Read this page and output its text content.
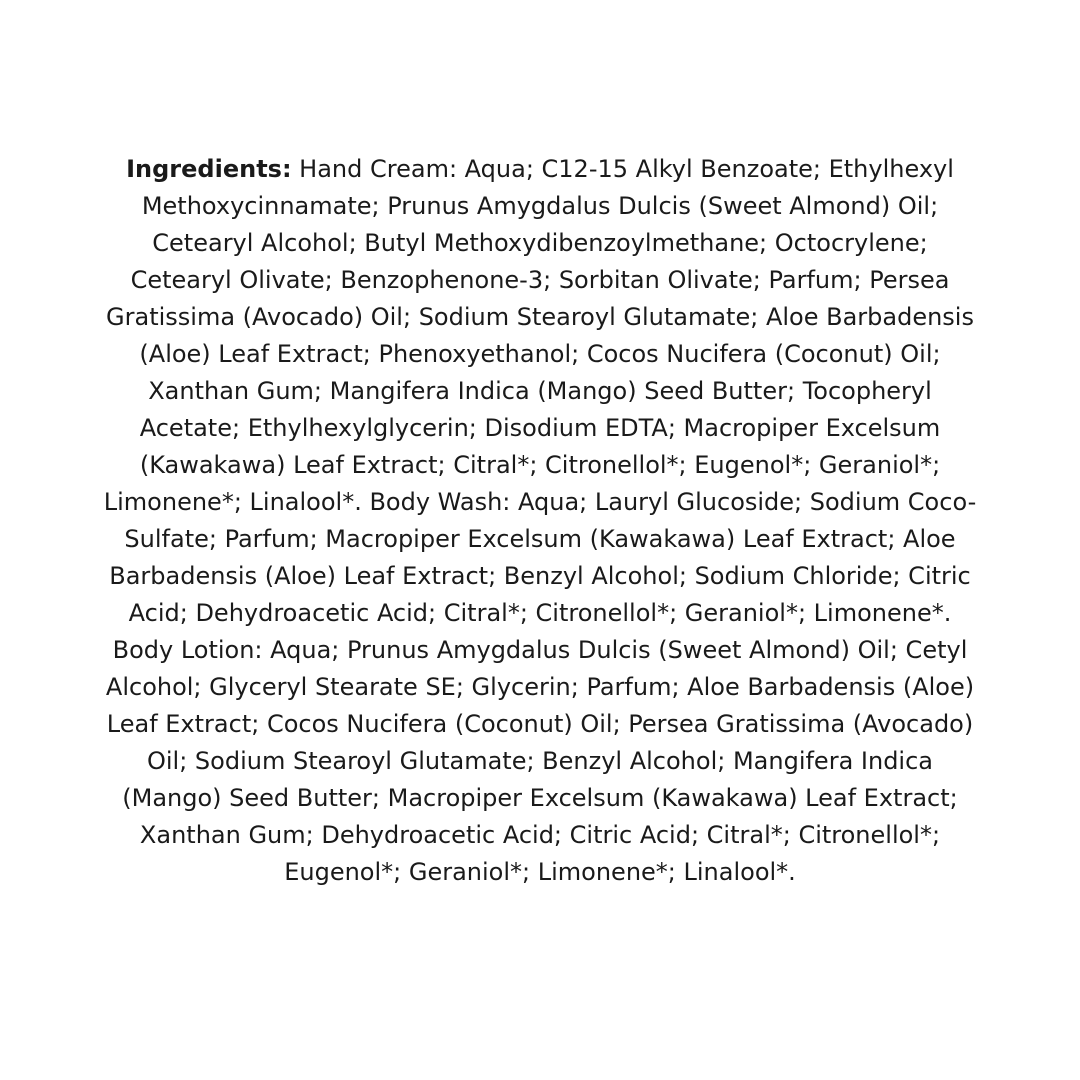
Ingredients: Hand Cream: Aqua; C12-15 Alkyl Benzoate; Ethylhexyl Methoxycinnamate; Prunus Amygdalus Dulcis (Sweet Almond) Oil; Cetearyl Alcohol; Butyl Methoxydibenzoylmethane; Octocrylene; Cetearyl Olivate; Benzophenone-3; Sorbitan Olivate; Parfum; Persea Gratissima (Avocado) Oil; Sodium Stearoyl Glutamate; Aloe Barbadensis (Aloe) Leaf Extract; Phenoxyethanol; Cocos Nucifera (Coconut) Oil; Xanthan Gum; Mangifera Indica (Mango) Seed Butter; Tocopheryl Acetate; Ethylhexylglycerin; Disodium EDTA; Macropiper Excelsum (Kawakawa) Leaf Extract; Citral*; Citronellol*; Eugenol*; Geraniol*; Limonene*; Linalool*. Body Wash: Aqua; Lauryl Glucoside; Sodium Coco-Sulfate; Parfum; Macropiper Excelsum (Kawakawa) Leaf Extract; Aloe Barbadensis (Aloe) Leaf Extract; Benzyl Alcohol; Sodium Chloride; Citric Acid; Dehydroacetic Acid; Citral*; Citronellol*; Geraniol*; Limonene*. Body Lotion: Aqua; Prunus Amygdalus Dulcis (Sweet Almond) Oil; Cetyl Alcohol; Glyceryl Stearate SE; Glycerin; Parfum; Aloe Barbadensis (Aloe) Leaf Extract; Cocos Nucifera (Coconut) Oil; Persea Gratissima (Avocado) Oil; Sodium Stearoyl Glutamate; Benzyl Alcohol; Mangifera Indica (Mango) Seed Butter; Macropiper Excelsum (Kawakawa) Leaf Extract; Xanthan Gum; Dehydroacetic Acid; Citric Acid; Citral*; Citronellol*; Eugenol*; Geraniol*; Limonene*; Linalool*.
